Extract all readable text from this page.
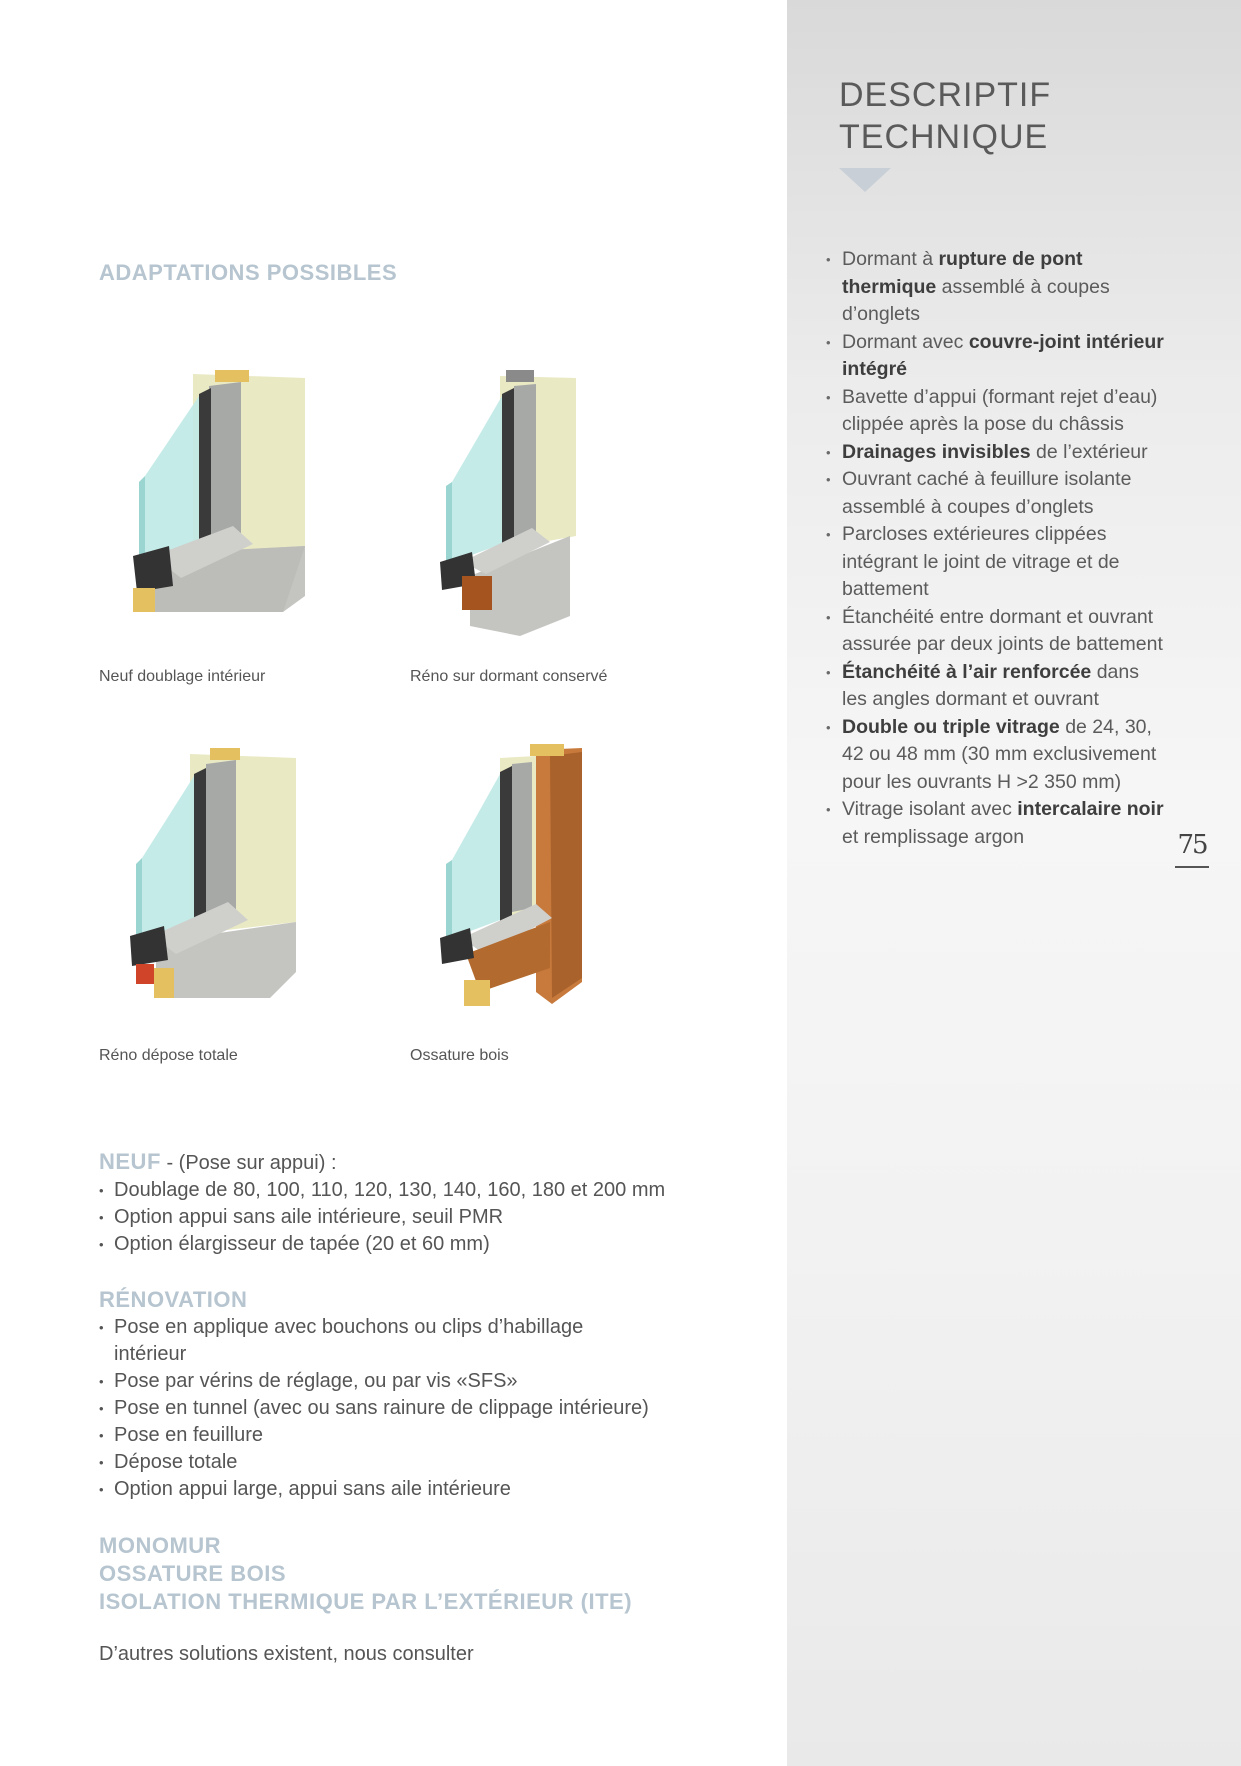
DESCRIPTIF
TECHNIQUE
• Dormant à rupture de pont thermique assemblé à coupes d’onglets
• Dormant avec couvre-joint intérieur intégré
• Bavette d’appui (formant rejet d’eau) clippée après la pose du châssis
• Drainages invisibles de l’extérieur
• Ouvrant caché à feuillure isolante assemblé à coupes d’onglets
• Parcloses extérieures clippées intégrant le joint de vitrage et de battement
• Étanchéité entre dormant et ouvrant assurée par deux joints de battement
• Étanchéité à l’air renforcée dans les angles dormant et ouvrant
• Double ou triple vitrage de 24, 30, 42 ou 48 mm (30 mm exclusivement pour les ouvrants H >2 350 mm)
• Vitrage isolant avec intercalaire noir et remplissage argon	75
ADAPTATIONS POSSIBLES
Neuf doublage intérieur	Réno sur dormant conservé
Réno dépose totale	Ossature bois
NEUF - (Pose sur appui) :
• Doublage de 80, 100, 110, 120, 130, 140, 160, 180 et 200 mm
• Option appui sans aile intérieure, seuil PMR
• Option élargisseur de tapée (20 et 60 mm)
RÉNOVATION
• Pose en applique avec bouchons ou clips d’habillage intérieur
• Pose par vérins de réglage, ou par vis «SFS»
• Pose en tunnel (avec ou sans rainure de clippage intérieure)
• Pose en feuillure
• Dépose totale
• Option appui large, appui sans aile intérieure
MONOMUR
OSSATURE BOIS
ISOLATION THERMIQUE PAR L’EXTÉRIEUR (ITE)
D’autres solutions existent, nous consulter
